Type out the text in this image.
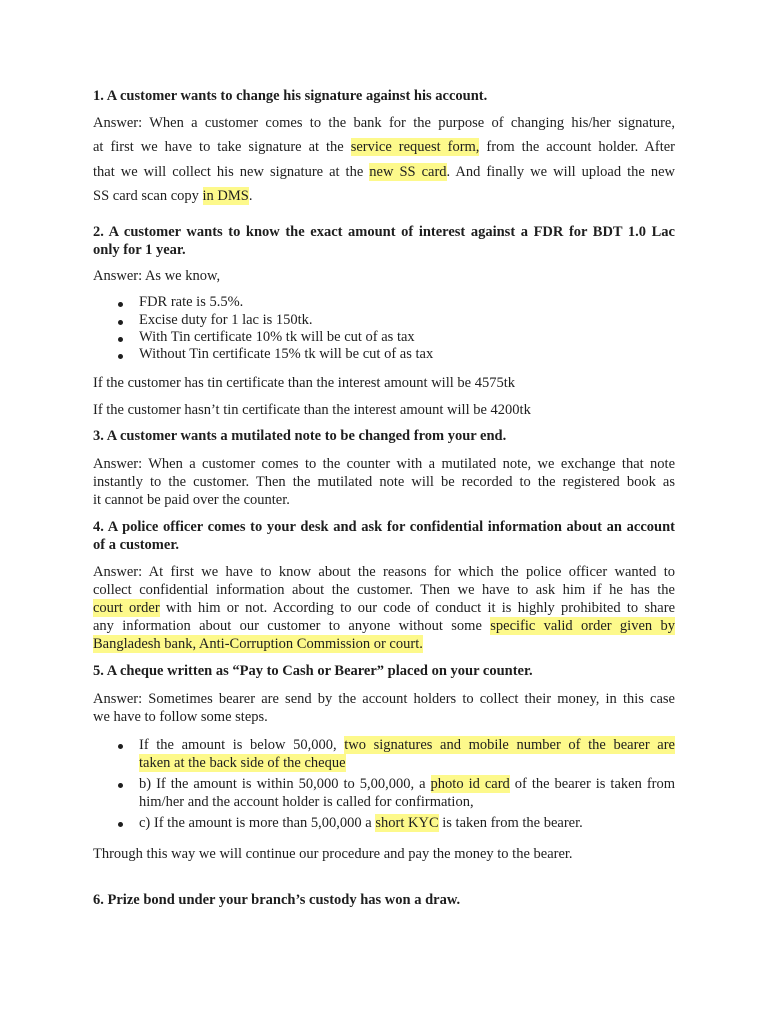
1. A customer wants to change his signature against his account.
Answer: When a customer comes to the bank for the purpose of changing his/her signature,
at first we have to take signature at the service request form, from the account holder. After
that we will collect his new signature at the new SS card. And finally we will upload the new
SS card scan copy in DMS.
2. A customer wants to know the exact amount of interest against a FDR for BDT 1.0 Lac
only for 1 year.
Answer: As we know,
FDR rate is 5.5%.
Excise duty for 1 lac is 150tk.
With Tin certificate 10% tk will be cut of as tax
Without Tin certificate 15% tk will be cut of as tax
If the customer has tin certificate than the interest amount will be 4575tk
If the customer hasn’t tin certificate than the interest amount will be 4200tk
3. A customer wants a mutilated note to be changed from your end.
Answer: When a customer comes to the counter with a mutilated note, we exchange that note
instantly to the customer. Then the mutilated note will be recorded to the registered book as
it cannot be paid over the counter.
4. A police officer comes to your desk and ask for confidential information about an account
of a customer.
Answer: At first we have to know about the reasons for which the police officer wanted to
collect confidential information about the customer. Then we have to ask him if he has the
court order with him or not. According to our code of conduct it is highly prohibited to share
any information about our customer to anyone without some specific valid order given by
Bangladesh bank, Anti-Corruption Commission or court.
5. A cheque written as “Pay to Cash or Bearer” placed on your counter.
Answer: Sometimes bearer are send by the account holders to collect their money, in this case
we have to follow some steps.
If the amount is below 50,000, two signatures and mobile number of the bearer are
taken at the back side of the cheque
b) If the amount is within 50,000 to 5,00,000, a photo id card of the bearer is taken from
him/her and the account holder is called for confirmation,
c) If the amount is more than 5,00,000 a short KYC is taken from the bearer.
Through this way we will continue our procedure and pay the money to the bearer.
6. Prize bond under your branch’s custody has won a draw.
